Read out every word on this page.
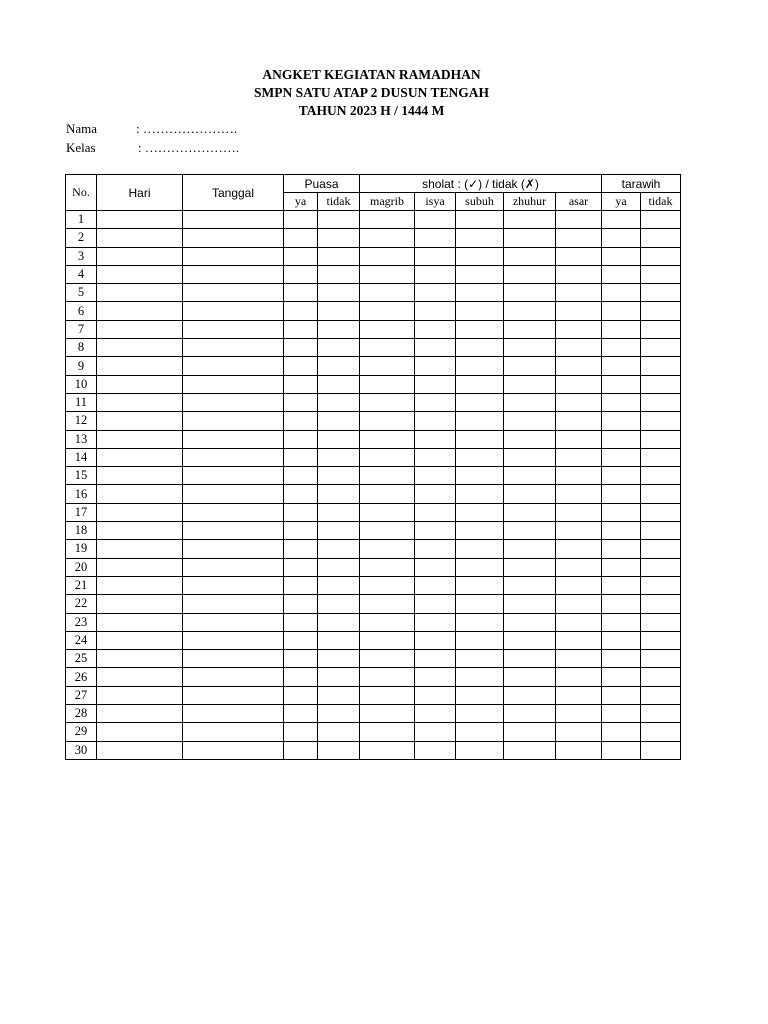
ANGKET KEGIATAN RAMADHAN
SMPN SATU ATAP 2 DUSUN TENGAH
TAHUN 2023 H / 1444 M
Nama	: ………………….
Kelas	: ………………….
No.	Hari	Tanggal	Puasa		sholat : (✓) / tidak (✗)					tarawih	
			ya	tidak	magrib	isya	subuh	zhuhur	asar	ya	tidak
1											
2											
3											
4											
5											
6											
7											
8											
9											
10											
11											
12											
13											
14											
15											
16											
17											
18											
19											
20											
21											
22											
23											
24											
25											
26											
27											
28											
29											
30											
